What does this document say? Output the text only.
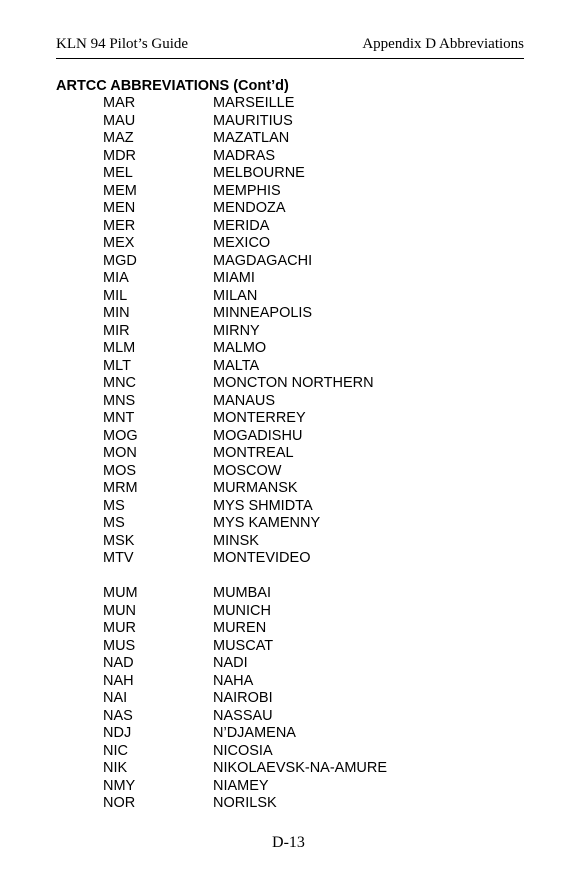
KLN 94 Pilot’s Guide	Appendix D Abbreviations
ARTCC ABBREVIATIONS (Cont’d)
MAR	MARSEILLE
MAU	MAURITIUS
MAZ	MAZATLAN
MDR	MADRAS
MEL	MELBOURNE
MEM	MEMPHIS
MEN	MENDOZA
MER	MERIDA
MEX	MEXICO
MGD	MAGDAGACHI
MIA	MIAMI
MIL	MILAN
MIN	MINNEAPOLIS
MIR	MIRNY
MLM	MALMO
MLT	MALTA
MNC	MONCTON NORTHERN
MNS	MANAUS
MNT	MONTERREY
MOG	MOGADISHU
MON	MONTREAL
MOS	MOSCOW
MRM	MURMANSK
MS	MYS SHMIDTA
MS	MYS KAMENNY
MSK	MINSK
MTV	MONTEVIDEO
MUM	MUMBAI
MUN	MUNICH
MUR	MUREN
MUS	MUSCAT
NAD	NADI
NAH	NAHA
NAI	NAIROBI
NAS	NASSAU
NDJ	N’DJAMENA
NIC	NICOSIA
NIK	NIKOLAEVSK-NA-AMURE
NMY	NIAMEY
NOR	NORILSK
D-13
